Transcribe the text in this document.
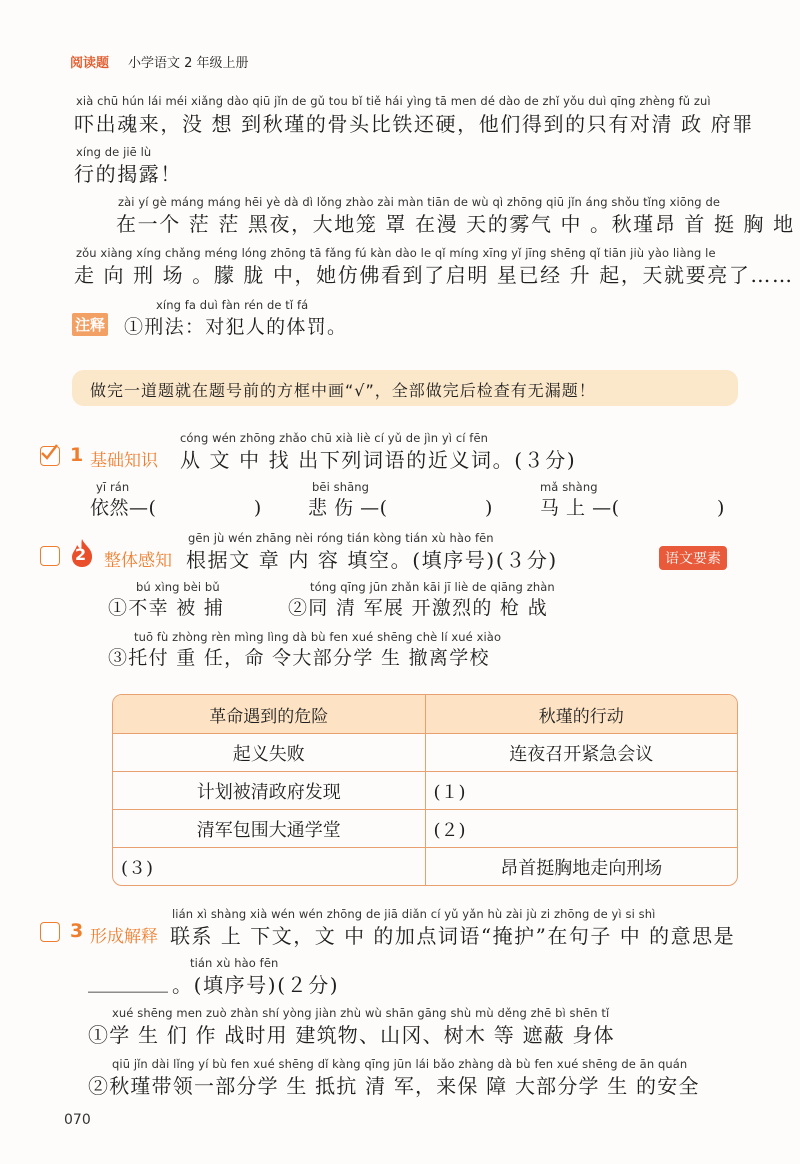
阅读题 小学语文 2 年级上册
xià chū hún lái méi xiǎng dào qiū jǐn de gǔ tou bǐ tiě hái yìng tā men dé dào de zhǐ yǒu duì qīng zhèng fǔ zuì
吓出魂来，没 想 到秋瑾的骨头比铁还硬，他们得到的只有对清 政 府罪
xíng de jiē lù
行的揭露！
zài yí gè máng máng hēi yè dà dì lǒng zhào zài màn tiān de wù qì zhōng qiū jǐn áng shǒu tǐng xiōng de
在一个 茫 茫 黑夜，大地笼 罩 在漫 天的雾气 中 。秋瑾昂 首 挺 胸 地
zǒu xiàng xíng chǎng méng lóng zhōng tā fǎng fú kàn dào le qǐ míng xīng yǐ jīng shēng qǐ tiān jiù yào liàng le
走 向 刑 场 。朦 胧 中，她仿佛看到了启明 星已经 升 起，天就要亮了……
xíng fa duì fàn rén de tǐ fá
注释 ①刑法：对犯人的体罚。
做完一道题就在题号前的方框中画“√”，全部做完后检查有无漏题！
1 基础知识
cóng wén zhōng zhǎo chū xià liè cí yǔ de jìn yì cí fēn
从 文 中 找 出下列词语的近义词。(３分)
yī rán
依然—(　　　　　)
bēi shāng
悲 伤 —(　　　　　)
mǎ shàng
马 上 —(　　　　　)
2 整体感知
gēn jù wén zhāng nèi róng tián kòng tián xù hào fēn
根据文 章 内 容 填空。(填序号)(３分)	语文要素
bú xìng bèi bǔ
①不幸 被 捕
tóng qīng jūn zhǎn kāi jī liè de qiāng zhàn
②同 清 军展 开激烈的 枪 战
tuō fù zhòng rèn mìng lìng dà bù fen xué shēng chè lí xué xiào
③托付 重 任，命 令大部分学 生 撤离学校
革命遇到的危险	秋瑾的行动
起义失败	连夜召开紧急会议
计划被清政府发现	(１)
清军包围大通学堂	(２)
(３)	昂首挺胸地走向刑场
3 形成解释
lián xì shàng xià wén wén zhōng de jiā diǎn cí yǔ yǎn hù zài jù zi zhōng de yì si shì
联系 上 下文，文 中 的加点词语“掩护”在句子 中 的意思是
tián xù hào fēn
________ 。(填序号)(２分)
xué shēng men zuò zhàn shí yòng jiàn zhù wù shān gāng shù mù děng zhē bì shēn tǐ
①学 生 们 作 战时用 建筑物、山冈、树木 等 遮蔽 身体
qiū jǐn dài lǐng yí bù fen xué shēng dǐ kàng qīng jūn lái bǎo zhàng dà bù fen xué shēng de ān quán
②秋瑾带领一部分学 生 抵抗 清 军，来保 障 大部分学 生 的安全
070
